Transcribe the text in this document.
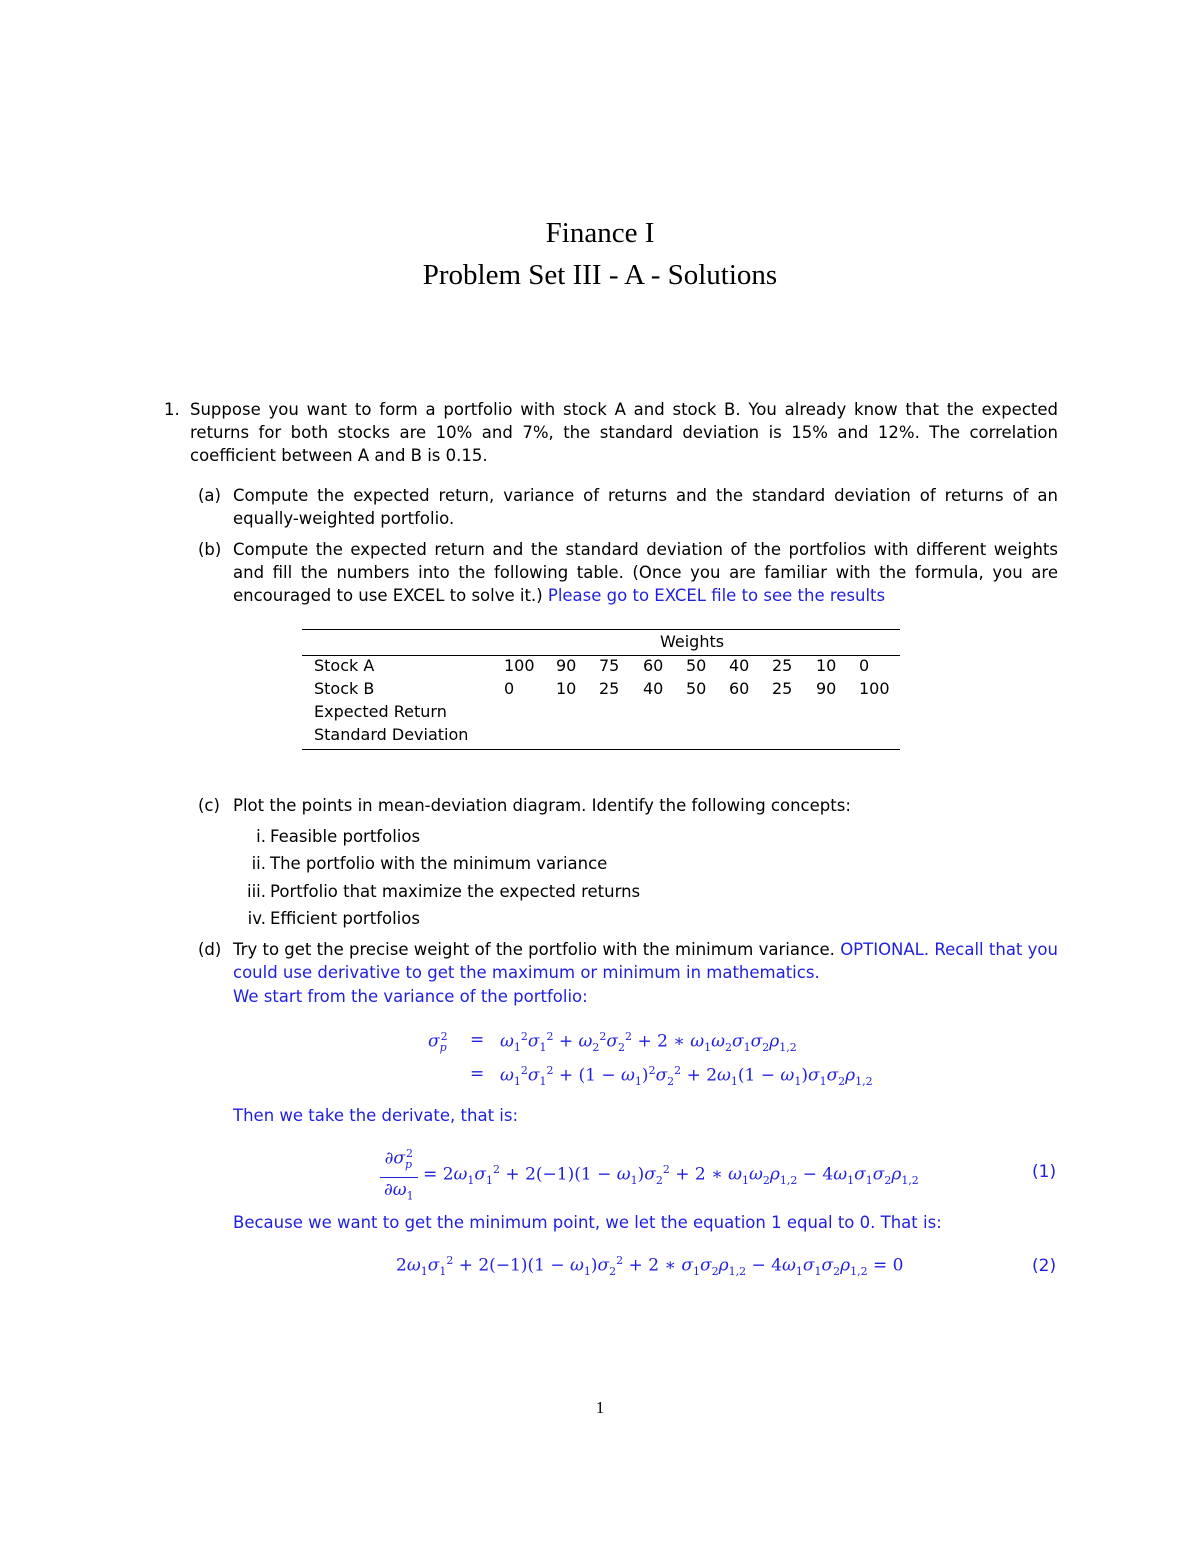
Finance I
Problem Set III - A - Solutions
1. Suppose you want to form a portfolio with stock A and stock B. You already know that the expected returns for both stocks are 10% and 7%, the standard deviation is 15% and 12%. The correlation coefficient between A and B is 0.15.
(a) Compute the expected return, variance of returns and the standard deviation of returns of an equally-weighted portfolio.
(b) Compute the expected return and the standard deviation of the portfolios with different weights and fill the numbers into the following table. (Once you are familiar with the formula, you are encouraged to use EXCEL to solve it.) Please go to EXCEL file to see the results
Weights
Stock A	100 90 75 60 50 40 25 10 0
Stock B	0	10 25 40 50 60 25 90 100
Expected Return
Standard Deviation
(c) Plot the points in mean-deviation diagram. Identify the following concepts:
i. Feasible portfolios
ii. The portfolio with the minimum variance
iii. Portfolio that maximize the expected returns
iv. Efficient portfolios
(d) Try to get the precise weight of the portfolio with the minimum variance. OPTIONAL. Recall that you could use derivative to get the maximum or minimum in mathematics.
We start from the variance of the portfolio:
$\sigma_p^2 = \omega_1^2\sigma_1^2 + \omega_2^2\sigma_2^2 + 2$ ∗ $\omega_1\omega_2\sigma_1\sigma_2\rho_{1,2}$
= $\omega_1^2\sigma_1^2 + (1 - \omega_1)^2\sigma_2^2 + 2\omega_1(1 - \omega_1)\sigma_1\sigma_2\rho_{1,2}$
Then we take the derivate, that is:
$\frac{\partial\sigma_p^2}{\partial\omega_1} = 2\omega_1\sigma_1^2 + 2(-1)(1 - \omega_1)\sigma_2^2 + 2$ ∗ $\omega_1\omega_2\rho_{1,2} - 4\omega_1\sigma_1\sigma_2\rho_{1,2}$	(1)
Because we want to get the minimum point, we let the equation 1 equal to 0. That is:
$2\omega_1\sigma_1^2 + 2(-1)(1 - \omega_1)\sigma_2^2 + 2$ ∗ $\sigma_1\sigma_2\rho_{1,2} - 4\omega_1\sigma_1\sigma_2\rho_{1,2} = 0$	(2)
1
